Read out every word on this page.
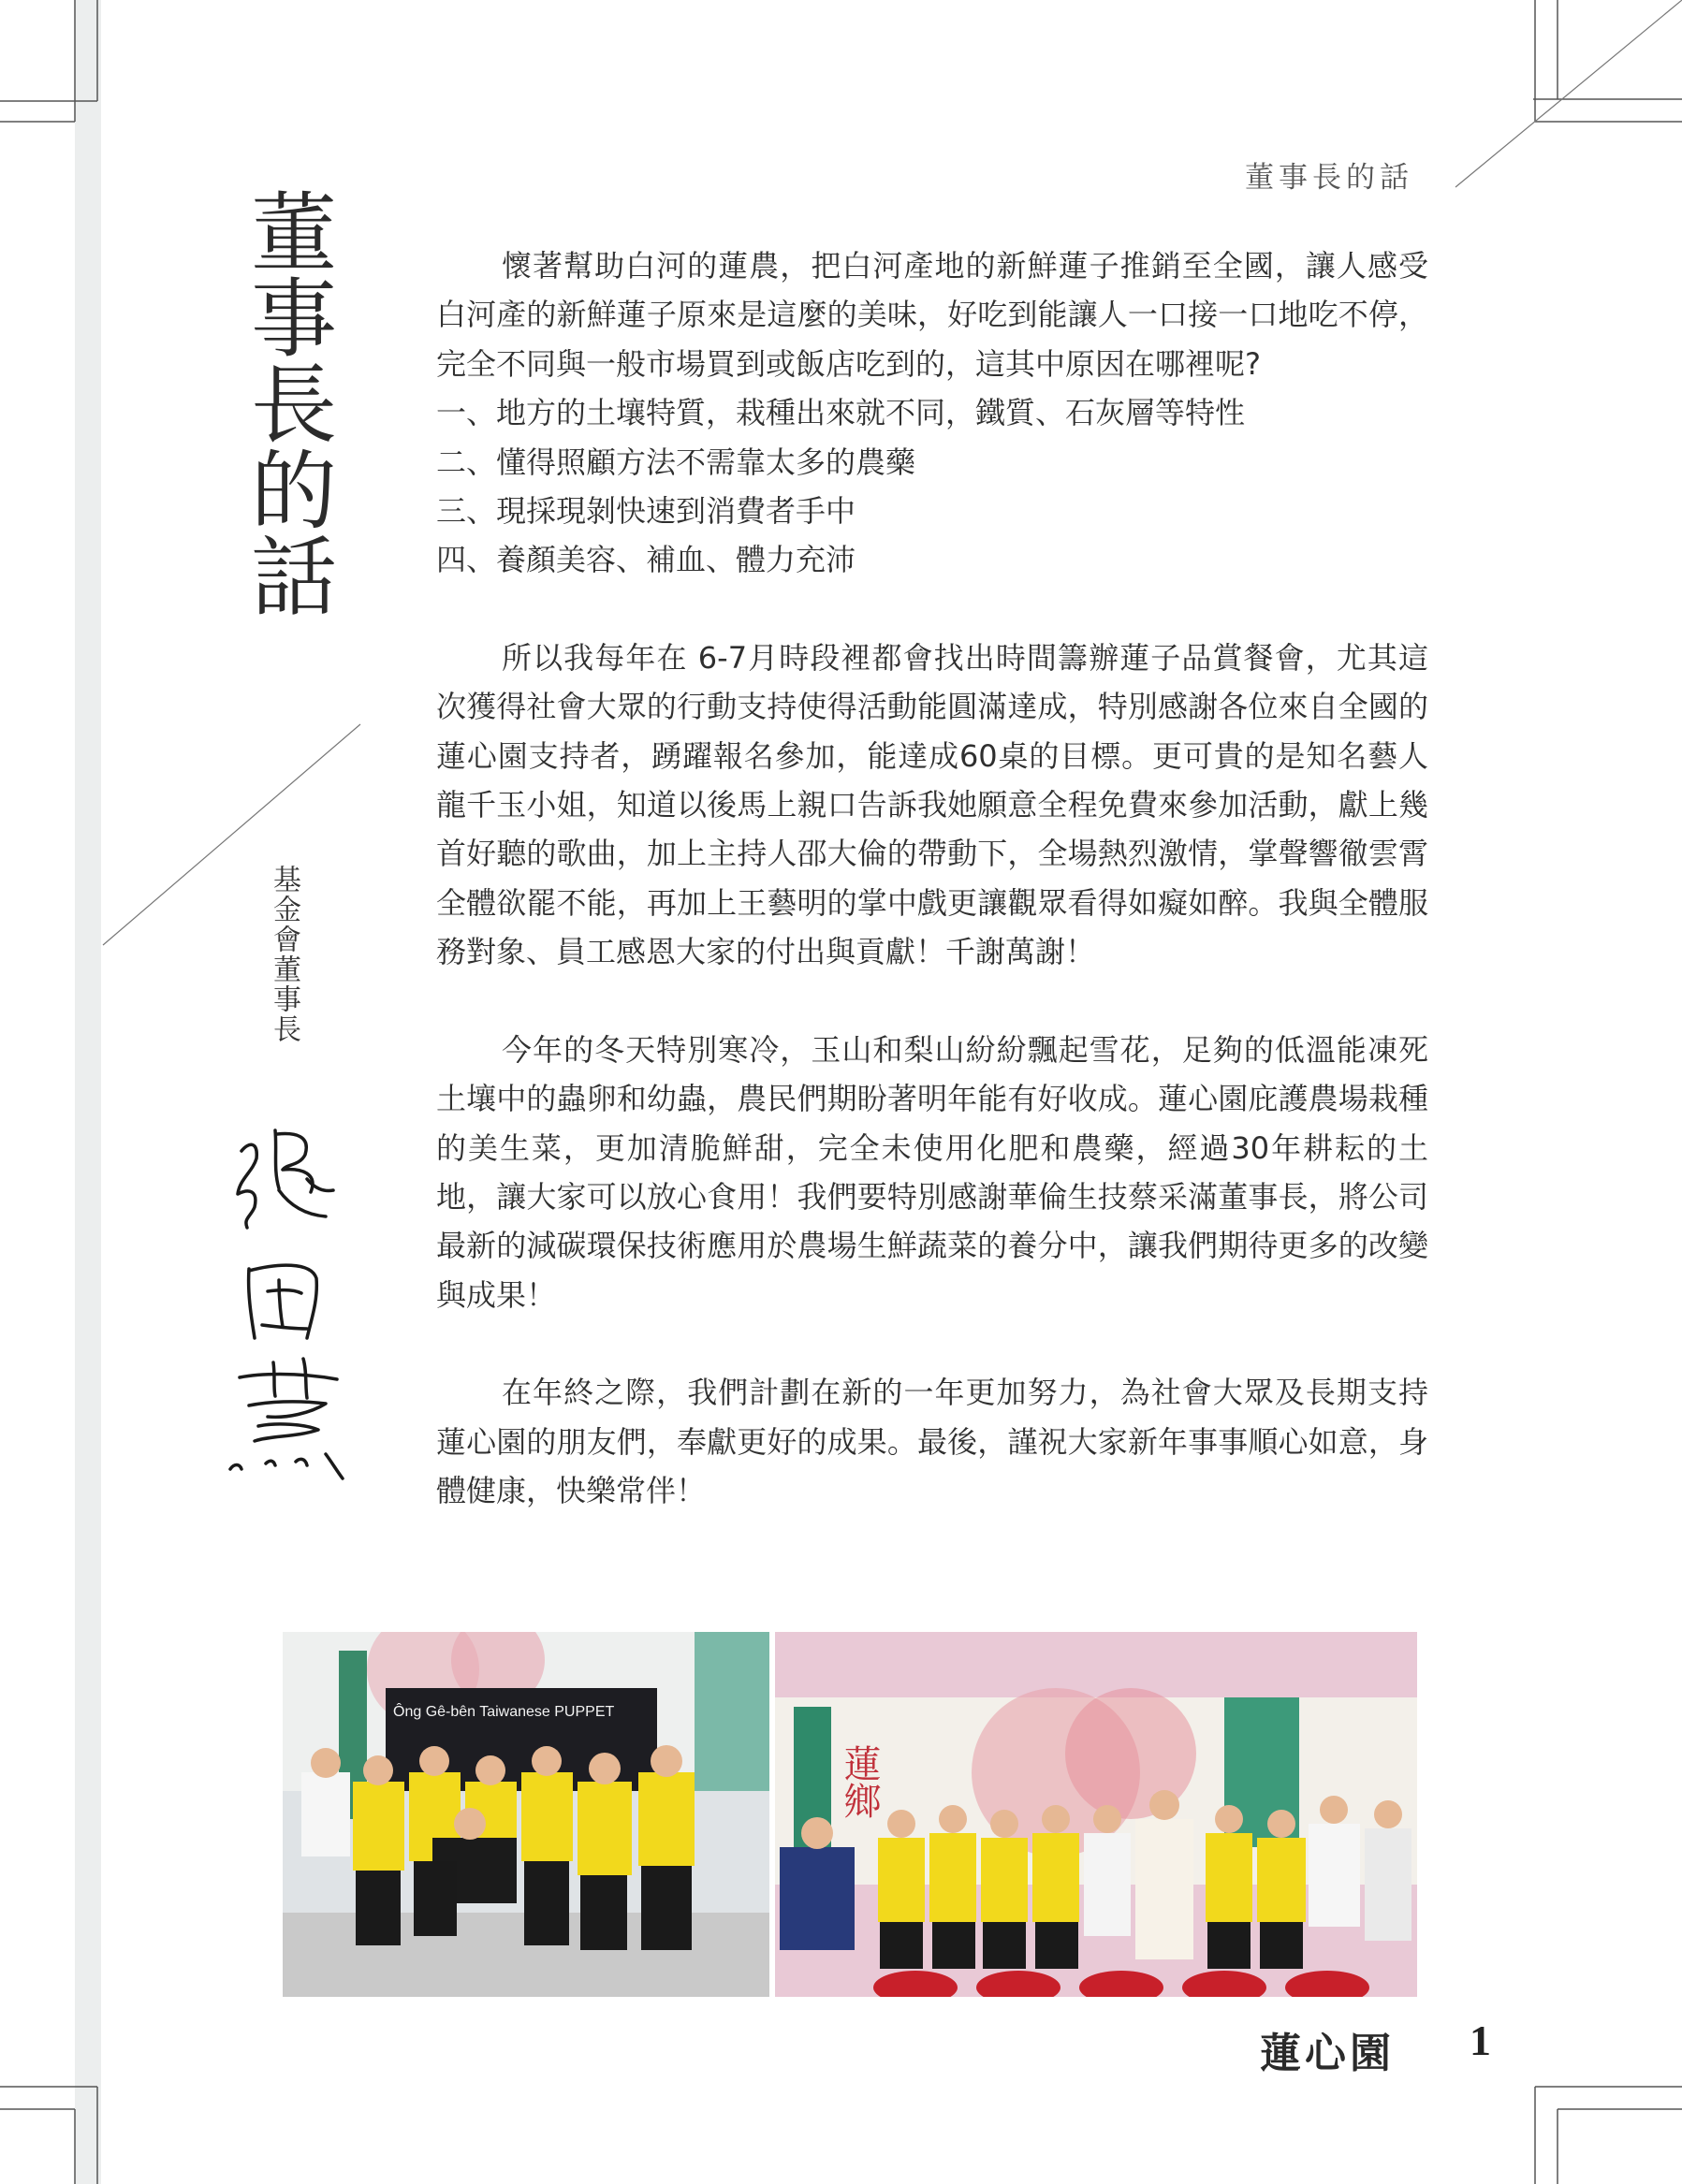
董事長的話
董事長的話
基金會董事長

懷著幫助白河的蓮農，把白河產地的新鮮蓮子推銷至全國，讓人感受白河產的新鮮蓮子原來是這麼的美味，好吃到能讓人一口接一口地吃不停，完全不同與一般市場買到或飯店吃到的，這其中原因在哪裡呢?

一、地方的土壤特質，栽種出來就不同，鐵質、石灰層等特性

二、懂得照顧方法不需靠太多的農藥

三、現採現剝快速到消費者手中

四、養顏美容、補血、體力充沛

所以我每年在 6-7月時段裡都會找出時間籌辦蓮子品賞餐會，尤其這次獲得社會大眾的行動支持使得活動能圓滿達成，特別感謝各位來自全國的蓮心園支持者，踴躍報名參加，能達成60桌的目標。更可貴的是知名藝人龍千玉小姐，知道以後馬上親口告訴我她願意全程免費來參加活動，獻上幾首好聽的歌曲，加上主持人邵大倫的帶動下，全場熱烈激情，掌聲響徹雲霄全體欲罷不能，再加上王藝明的掌中戲更讓觀眾看得如癡如醉。我與全體服務對象、員工感恩大家的付出與貢獻！千謝萬謝！

今年的冬天特別寒冷，玉山和梨山紛紛飄起雪花，足夠的低溫能凍死土壤中的蟲卵和幼蟲，農民們期盼著明年能有好收成。蓮心園庇護農場栽種的美生菜，更加清脆鮮甜，完全未使用化肥和農藥，經過30年耕耘的土地，讓大家可以放心食用！我們要特別感謝華倫生技蔡采滿董事長，將公司最新的減碳環保技術應用於農場生鮮蔬菜的養分中，讓我們期待更多的改變與成果！

在年終之際，我們計劃在新的一年更加努力，為社會大眾及長期支持蓮心園的朋友們，奉獻更好的成果。最後，謹祝大家新年事事順心如意，身體健康，快樂常伴！

Ông Gê-bên Taiwanese PUPPET
蓮鄉
蓮心園 1
